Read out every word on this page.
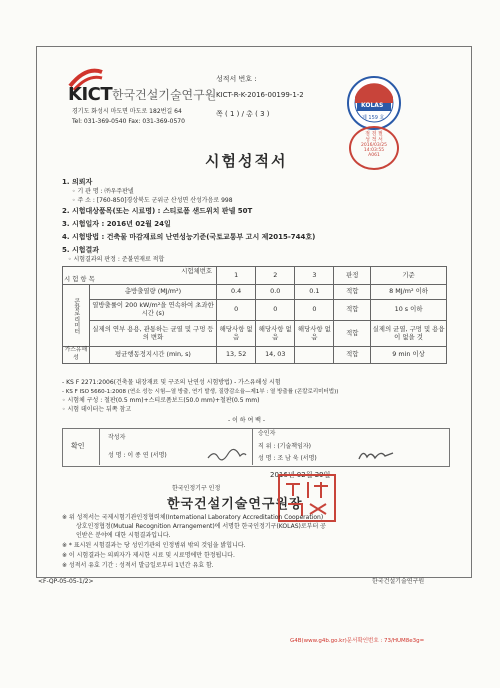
KICT 한국건설기술연구원
경기도 화성시 마도면 마도로 182번길 64
Tel: 031-369-0540 Fax: 031-369-0570
성적서 번호 :
KICT-R-K-2016-00199-1-2
쪽 ( 1 ) / 총 ( 3 )
KOLAS
제 159 호
점 검 필
성 적 서
2016/03/25
14:03:55
A061
시험성적서
1. 의뢰자
◦ 기 관 명 : ㈜우주판넬
◦ 주 소 : [760-850]경상북도 군위군 산성면 산성가음로 998
2. 시험대상품목(또는 시료명) : 스티로폼 샌드위치 판넬 50T
3. 시험일자 : 2016년 02월 24일
4. 시험방법 : 건축물 마감재료의 난연성능기준(국토교통부 고시 제2015-744호)
5. 시험결과
◦ 시험결과의 판정 : 준불연재료 적합
시험체번호
시 험 항 목		1	2	3	판정	기준
콘칼로리미터	총방출열량 (MJ/m²)	0.4	0.0	0.1	적합	8 MJ/m² 이하
	열방출률이 200 kW/m²을 연속하여 초과한 시간 (s)	0	0	0	적합	10 s 이하
	실제의 연부 용용, 관통하는 균열 및 구멍 등의 변화	해당사항 없음	해당사항 없음	해당사항 없음	적합	실제의 균열, 구멍 및 용융이 없을 것
가스유해성	평균행동정지시간 (min, s)	13, 52	14, 03		적합	9 min 이상
- KS F 2271:2006(건축물 내장재료 및 구조의 난연성 시험방법) - 가스유해성 시험
- KS F ISO 5660-1:2008 (연소 성능 시험—열 방출, 연기 발생, 질량감소율—제1부 : 열 방출률 (콘칼로리미터법))
◦ 시험체 구성 : 철판(0.5 mm)+스티로폼보드(50.0 mm)+철판(0.5 mm)
◦ 시험 데이터는 뒤쪽 참고
- 이 하 여 백 -
확인
작성자
성 명 : 이 종 연 (서명)
승인자
직 위 : (기술책임자)
성 명 : 조 남 욱 (서명)
2016년 02월 29일
한국인정기구 인정
한국건설기술연구원장
※ 위 성적서는 국제시험기관인정협력체(International Laboratory Accreditation Cooperation)
상호인정협정(Mutual Recognition Arrangement)에 서명한 한국인정기구(KOLAS)로부터 공
인받은 분야에 대한 시험결과입니다.
※ * 표시된 시험결과는 당 성인기관의 인정범위 밖의 것임을 밝힙니다.
※ 이 시험결과는 의뢰자가 제시한 시료 및 시료명에만 한정됩니다.
※ 성적서 유효 기간 : 성적서 발급일로부터 1년간 유효 함.
<F-QP-05-05-1/2>	한국건설기술연구원
G4B(www.g4b.go.kr)문서확인번호 : 73/HUM8e3g=
